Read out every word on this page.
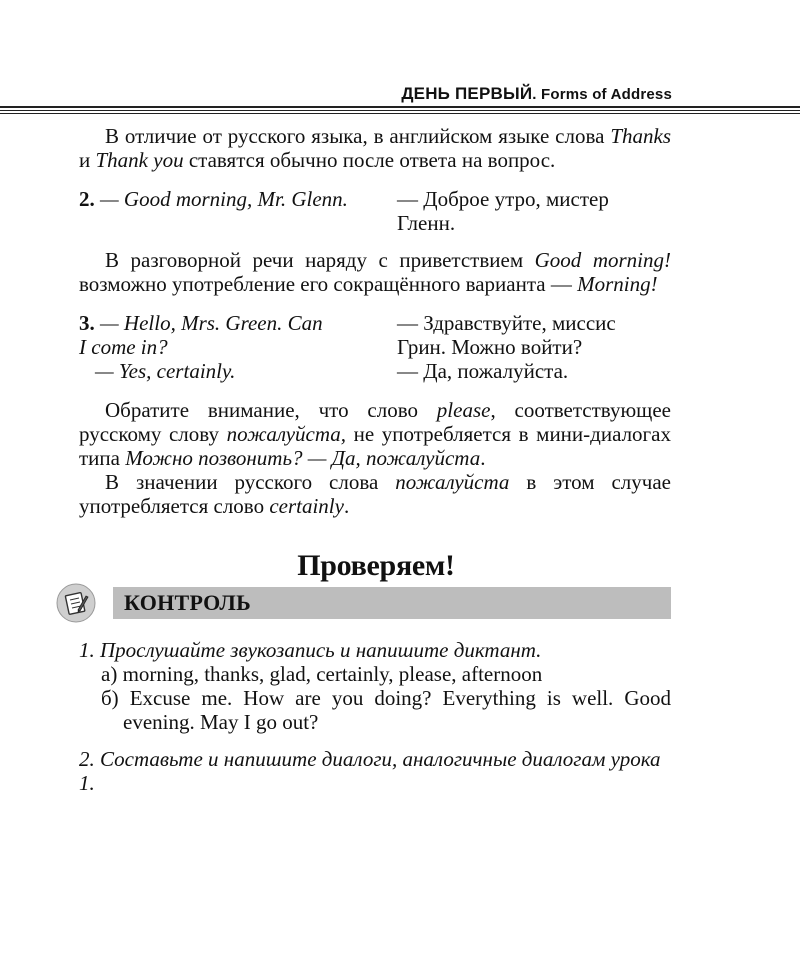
ДЕНЬ ПЕРВЫЙ. Forms of Address

В отличие от русского языка, в английском языке слова Thanks и Thank you ставятся обычно после ответа на вопрос.

2. — Good morning, Mr. Glenn.	— Доброе утро, мистер
Гленн.

В разговорной речи наряду с приветствием Good morning! возможно употребление его сокращённого варианта — Morning!

3. — Hello, Mrs. Green. Can
I come in?
— Yes, certainly.
— Здравствуйте, миссис
Грин. Можно войти?
— Да, пожалуйста.

Обратите внимание, что слово please, соответствующее русскому слову пожалуйста, не употребляется в мини-диалогах типа Можно позвонить? — Да, пожалуйста.

В значении русского слова пожалуйста в этом случае употребляется слово certainly.

Проверяем!
КОНТРОЛЬ
1. Прослушайте звукозапись и напишите диктант.
а) morning, thanks, glad, certainly, please, afternoon

б) Excuse me. How are you doing? Everything is well. Good evening. May I go out?

2. Составьте и напишите диалоги, аналогичные диалогам урока 1.
